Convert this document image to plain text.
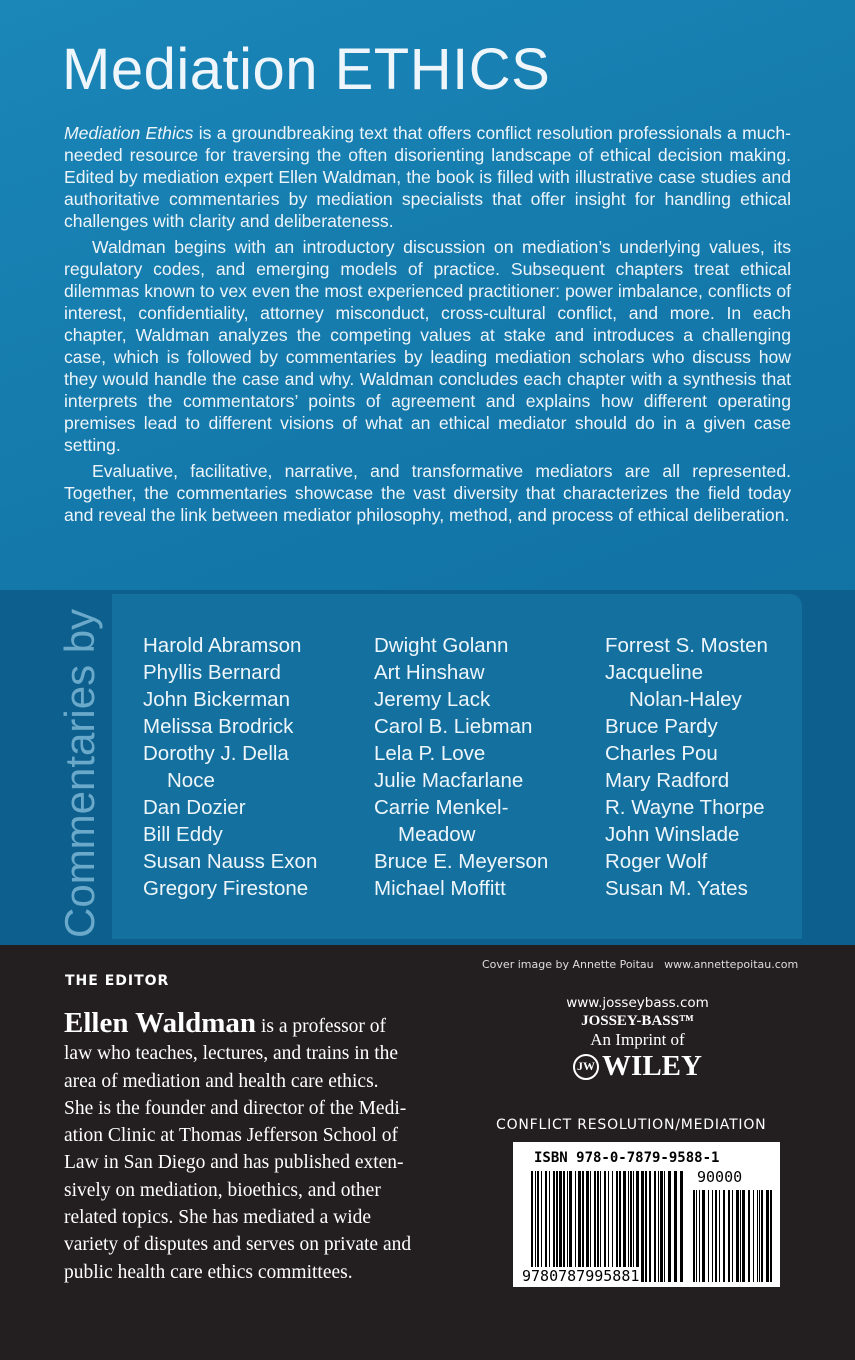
Mediation ETHICS

Mediation Ethics is a groundbreaking text that offers conflict resolution professionals a much-needed resource for traversing the often disorienting landscape of ethical decision making. Edited by mediation expert Ellen Waldman, the book is filled with illustrative case studies and authoritative commentaries by mediation specialists that offer insight for handling ethical challenges with clarity and deliberateness.

Waldman begins with an introductory discussion on mediation’s underlying values, its regulatory codes, and emerging models of practice. Subsequent chapters treat ethical dilemmas known to vex even the most experienced practitioner: power imbalance, conflicts of interest, confidentiality, attorney misconduct, cross-cultural conflict, and more. In each chapter, Waldman analyzes the competing values at stake and introduces a challenging case, which is followed by commentaries by leading mediation scholars who discuss how they would handle the case and why. Waldman concludes each chapter with a synthesis that interprets the commentators’ points of agreement and explains how different operating premises lead to different visions of what an ethical mediator should do in a given case setting.

Evaluative, facilitative, narrative, and transformative mediators are all represented. Together, the commentaries showcase the vast diversity that characterizes the field today and reveal the link between mediator philosophy, method, and process of ethical deliberation.

Commentaries by Harold Abramson
Phyllis Bernard
John Bickerman
Melissa Brodrick
Dorothy J. Della
Noce
Dan Dozier
Bill Eddy
Susan Nauss Exon
Gregory Firestone
Dwight Golann
Art Hinshaw
Jeremy Lack
Carol B. Liebman
Lela P. Love
Julie Macfarlane
Carrie Menkel-
Meadow
Bruce E. Meyerson
Michael Moffitt
Forrest S. Mosten
Jacqueline
Nolan-Haley
Bruce Pardy
Charles Pou
Mary Radford
R. Wayne Thorpe
John Winslade
Roger Wolf
Susan M. Yates
THE EDITOR
Ellen Waldman is a professor of
law who teaches, lectures, and trains in the
area of mediation and health care ethics.
She is the founder and director of the Medi-
ation Clinic at Thomas Jefferson School of
Law in San Diego and has published exten-
sively on mediation, bioethics, and other
related topics. She has mediated a wide
variety of disputes and serves on private and
public health care ethics committees.
Cover image by Annette Poitau   www.annettepoitau.com
www.josseybass.com
JOSSEY-BASS™
An Imprint of
JW WILEY
CONFLICT RESOLUTION/MEDIATION
ISBN 978-0-7879-9588-1
90000
9780787995881
